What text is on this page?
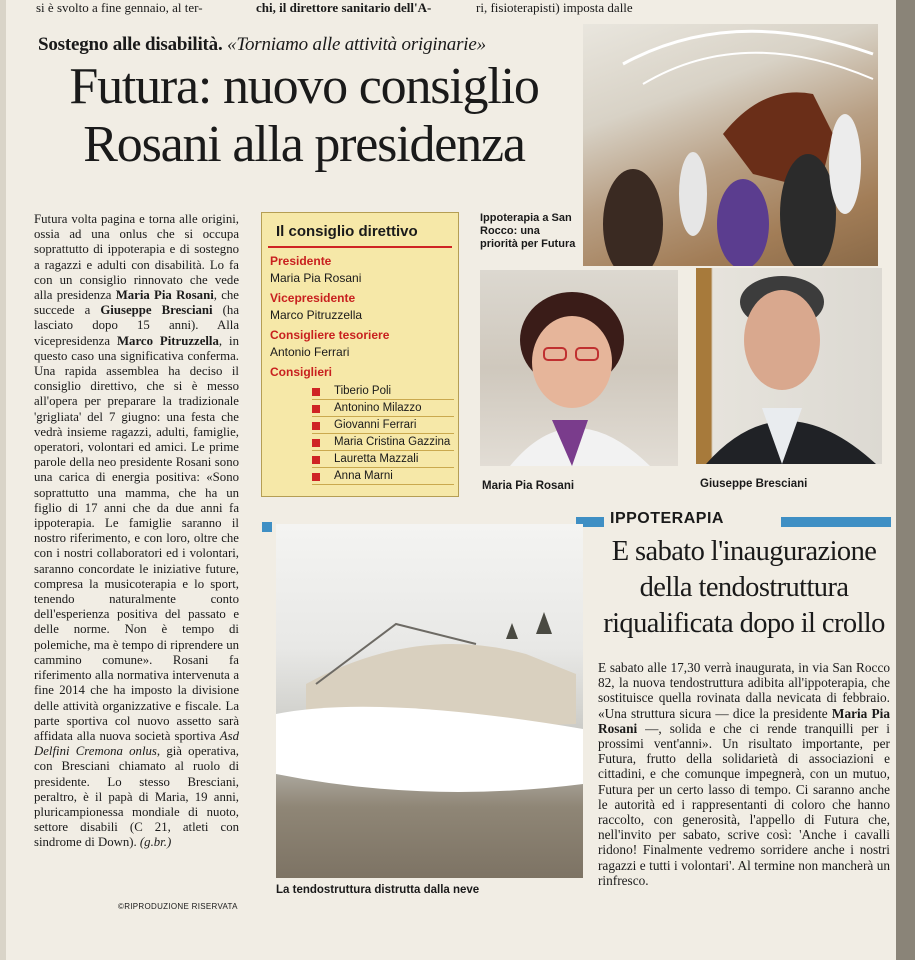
si è svolto a fine gennaio, al ter-	chi, il direttore sanitario dell'A-	ri, fisioterapisti) imposta dalle
Sostegno alle disabilità. «Torniamo alle attività originarie»
Futura: nuovo consiglio
Rosani alla presidenza

Futura volta pagina e torna alle origini, ossia ad una onlus che si occupa soprattutto di ippoterapia e di sostegno a ragazzi e adulti con disabilità. Lo fa con un consiglio rinnovato che vede alla presidenza Maria Pia Rosani, che succede a Giuseppe Bresciani (ha lasciato dopo 15 anni). Alla vicepresidenza Marco Pitruzzella, in questo caso una significativa conferma. Una rapida assemblea ha deciso il consiglio direttivo, che si è messo all'opera per preparare la tradizionale 'grigliata' del 7 giugno: una festa che vedrà insieme ragazzi, adulti, famiglie, operatori, volontari ed amici. Le prime parole della neo presidente Rosani sono una carica di energia positiva: «Sono soprattutto una mamma, che ha un figlio di 17 anni che da due anni fa ippoterapia. Le famiglie saranno il nostro riferimento, e con loro, oltre che con i nostri collaboratori ed i volontari, saranno concordate le iniziative future, compresa la musicoterapia e lo sport, tenendo naturalmente conto dell'esperienza positiva del passato e delle norme. Non è tempo di polemiche, ma è tempo di riprendere un cammino comune». Rosani fa riferimento alla normativa intervenuta a fine 2014 che ha imposto la divisione delle attività organizzative e fiscale. La parte sportiva col nuovo assetto sarà affidata alla nuova società sportiva Asd Delfini Cremona onlus, già operativa, con Bresciani chiamato al ruolo di presidente. Lo stesso Bresciani, peraltro, è il papà di Maria, 19 anni, pluricampionessa mondiale di nuoto, settore disabili (C 21, atleti con sindrome di Down). (g.br.)

©RIPRODUZIONE RISERVATA
Il consiglio direttivo
Presidente
Maria Pia Rosani
Vicepresidente
Marco Pitruzzella
Consigliere tesoriere
Antonio Ferrari
Consiglieri
Tiberio Poli
Antonino Milazzo
Giovanni Ferrari
Maria Cristina Gazzina
Lauretta Mazzali
Anna Marni
Ippoterapia a San Rocco: una priorità per Futura
Maria Pia Rosani	Giuseppe Bresciani
IPPOTERAPIA
E sabato l'inaugurazione della tendostruttura riqualificata dopo il crollo

E sabato alle 17,30 verrà inaugurata, in via San Rocco 82, la nuova tendostruttura adibita all'ippoterapia, che sostituisce quella rovinata dalla nevicata di febbraio. «Una struttura sicura — dice la presidente Maria Pia Rosani —, solida e che ci rende tranquilli per i prossimi vent'anni». Un risultato importante, per Futura, frutto della solidarietà di associazioni e cittadini, e che comunque impegnerà, con un mutuo, Futura per un certo lasso di tempo. Ci saranno anche le autorità ed i rappresentanti di coloro che hanno raccolto, con generosità, l'appello di Futura che, nell'invito per sabato, scrive così: 'Anche i cavalli ridono! Finalmente vedremo sorridere anche i nostri ragazzi e tutti i volontari'. Al termine non mancherà un rinfresco.

La tendostruttura distrutta dalla neve
